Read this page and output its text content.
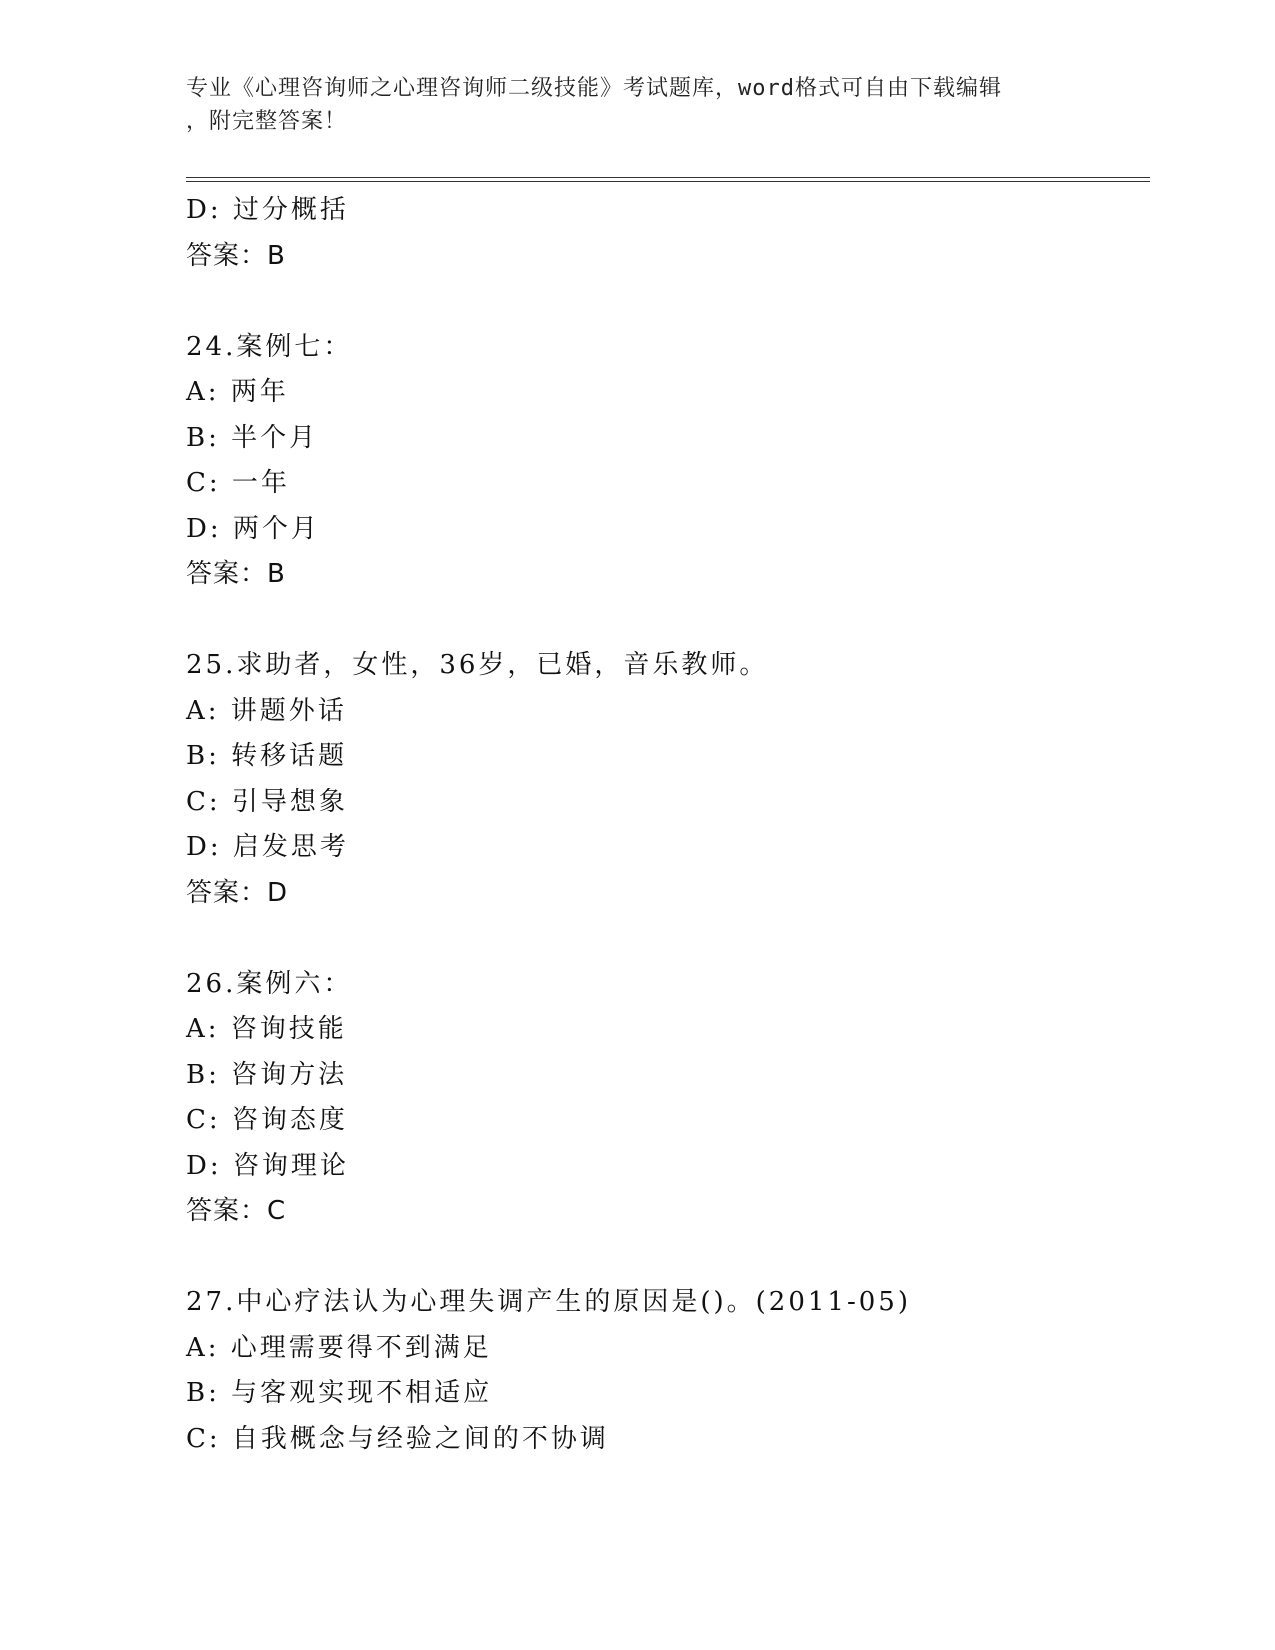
专业《心理咨询师之心理咨询师二级技能》考试题库，word格式可自由下载编辑
，附完整答案！
D: 过分概括
答案：B
24.案例七：
A: 两年
B: 半个月
C: 一年
D: 两个月
答案：B
25.求助者，女性，36岁，已婚，音乐教师。
A: 讲题外话
B: 转移话题
C: 引导想象
D: 启发思考
答案：D
26.案例六：
A: 咨询技能
B: 咨询方法
C: 咨询态度
D: 咨询理论
答案：C
27.中心疗法认为心理失调产生的原因是()。(2011-05)
A: 心理需要得不到满足
B: 与客观实现不相适应
C: 自我概念与经验之间的不协调
